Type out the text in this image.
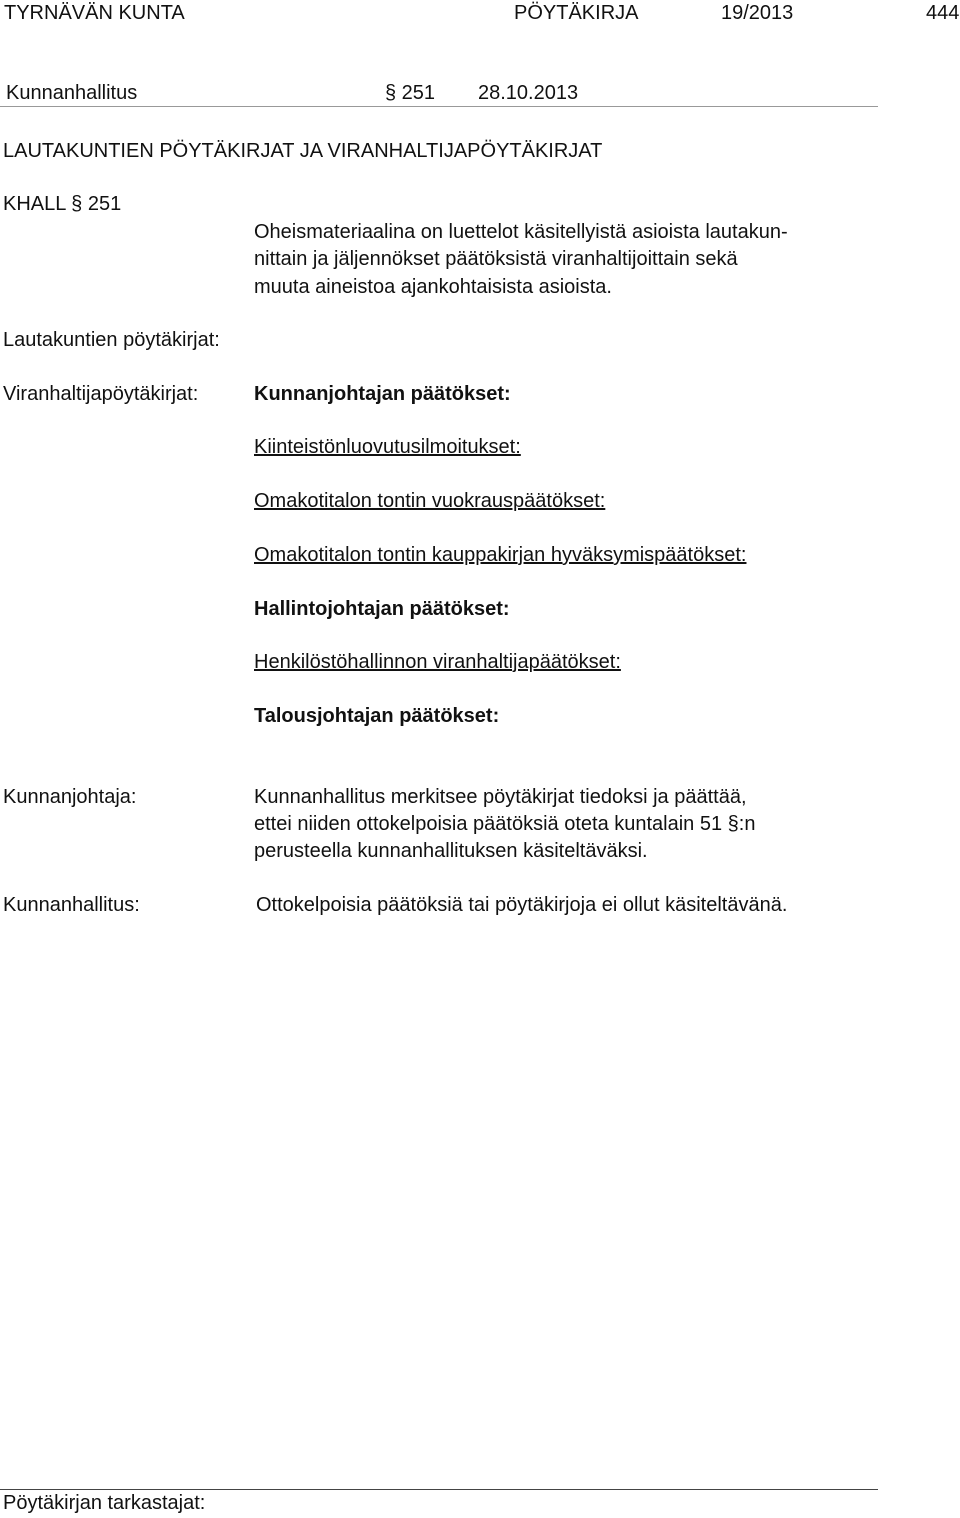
TYRNÄVÄN KUNTA	PÖYTÄKIRJA	19/2013	444
Kunnanhallitus	§ 251 28.10.2013
LAUTAKUNTIEN PÖYTÄKIRJAT JA VIRANHALTIJAPÖYTÄKIRJAT
KHALL § 251
Oheismateriaalina on luettelot käsitellyistä asioista lautakun-
nittain ja jäljennökset päätöksistä viranhaltijoittain sekä
muuta aineistoa ajankohtaisista asioista.
Lautakuntien pöytäkirjat:
Viranhaltijapöytäkirjat:	Kunnanjohtajan päätökset:
Kiinteistönluovutusilmoitukset:
Omakotitalon tontin vuokrauspäätökset:
Omakotitalon tontin kauppakirjan hyväksymispäätökset:
Hallintojohtajan päätökset:
Henkilöstöhallinnon viranhaltijapäätökset:
Talousjohtajan päätökset:
Kunnanjohtaja:	Kunnanhallitus merkitsee pöytäkirjat tiedoksi ja päättää,
ettei niiden ottokelpoisia päätöksiä oteta kuntalain 51 §:n
perusteella kunnanhallituksen käsiteltäväksi.
Kunnanhallitus:	Ottokelpoisia päätöksiä tai pöytäkirjoja ei ollut käsiteltävänä.
Pöytäkirjan tarkastajat:
